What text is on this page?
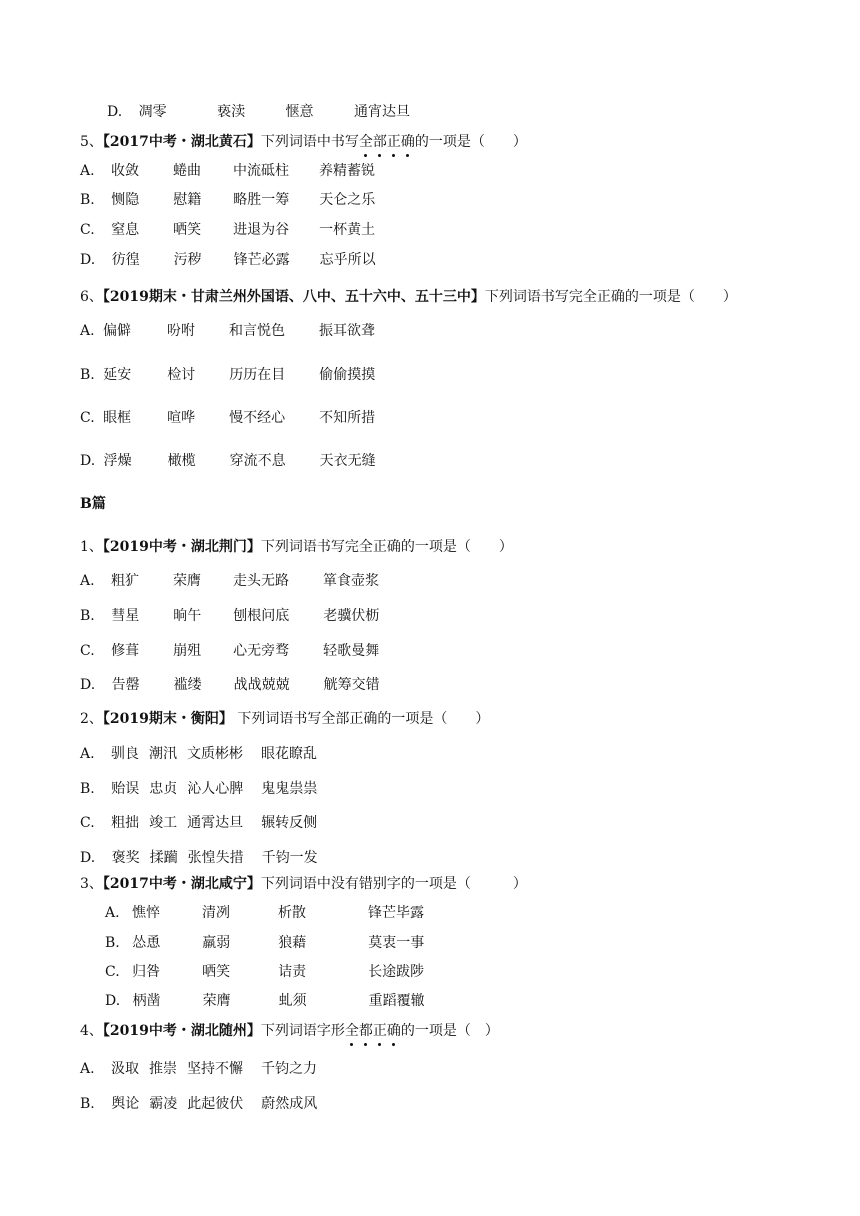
D. 凋零	亵渎	惬意	通宵达旦
5、【2017中考・湖北黄石】下列词语中书写全部正确的一项是（　　）
A. 收敛 蜷曲 中流砥柱 养精蓄锐
B. 恻隐 慰籍 略胜一筹 天仑之乐
C. 窒息 哂笑 进退为谷 一杯黄土
D. 彷徨 污秽 锋芒必露 忘乎所以
6、【2019期末・甘肃兰州外国语、八中、五十六中、五十三中】下列词语书写完全正确的一项是（　　）
A. 偏僻	吩咐 和言悦色 振耳欲聋
B. 延安	检讨 历历在目 偷偷摸摸
C. 眼框	喧哗 慢不经心 不知所措
D. 浮燥	橄榄 穿流不息 天衣无缝
B篇
1、【2019中考・湖北荆门】下列词语书写完全正确的一项是（　　）
A. 粗犷 荣膺 走头无路 箪食壶浆
B. 彗星 晌午 刨根问底 老骥伏枥
C. 修葺 崩殂 心无旁骛 轻歌曼舞
D. 告罄 褴缕 战战兢兢 觥筹交错
2、【2019期末・衡阳】 下列词语书写全部正确的一项是（　　）
A. 驯良 潮汛 文质彬彬 眼花瞭乱
B. 贻误 忠贞 沁人心脾 鬼鬼祟祟
C. 粗拙 竣工 通霄达旦 辗转反侧
D. 褒奖 揉躏 张惶失措 千钧一发
3、【2017中考・湖北咸宁】下列词语中没有错别字的一项是（　　　）
A. 憔悴	清冽	析散	锋芒毕露
B. 怂恿	羸弱	狼藉	莫衷一事
C. 归咎	哂笑	诘责	长途跋陟
D. 柄凿	荣膺	虬须	重蹈覆辙
4、【2019中考・湖北随州】下列词语字形全都正确的一项是（　）
A. 汲取 推崇 坚持不懈 千钧之力
B. 舆论 霸凌 此起彼伏 蔚然成风
